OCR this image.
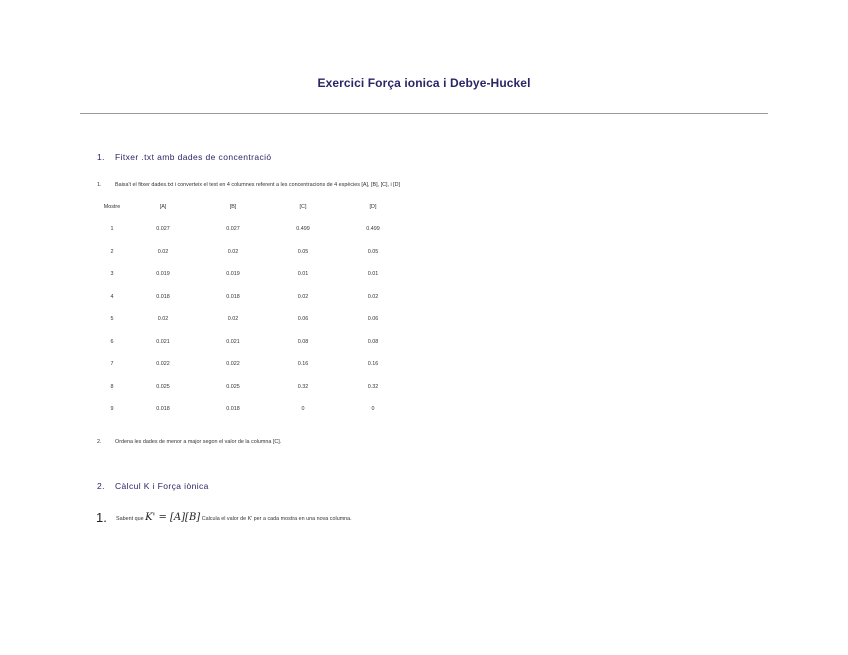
Exercici Força ionica i Debye-Huckel
1. Fitxer .txt amb dades de concentració
1.	Baixa't el fitxer dades.txt i converteix el text en 4 columnes referent a les concentracions de 4 espècies [A], [B], [C], i [D]
Mostre	[A]	[B]	[C]	[D]
1	0.027	0.027	0.499	0.499
2	0.02	0.02	0.05	0.05
3	0.019	0.019	0.01	0.01
4	0.018	0.018	0.02	0.02
5	0.02	0.02	0.06	0.06
6	0.021	0.021	0.08	0.08
7	0.022	0.022	0.16	0.16
8	0.025	0.025	0.32	0.32
9	0.018	0.018	0	0
2.	Ordena les dades de menor a major segon el valor de la columna [C].
2. Càlcul K i Força iònica
1. Sabent que K' = [A][B] Calcula el valor de K' per a cada mostra en una nova columna.
